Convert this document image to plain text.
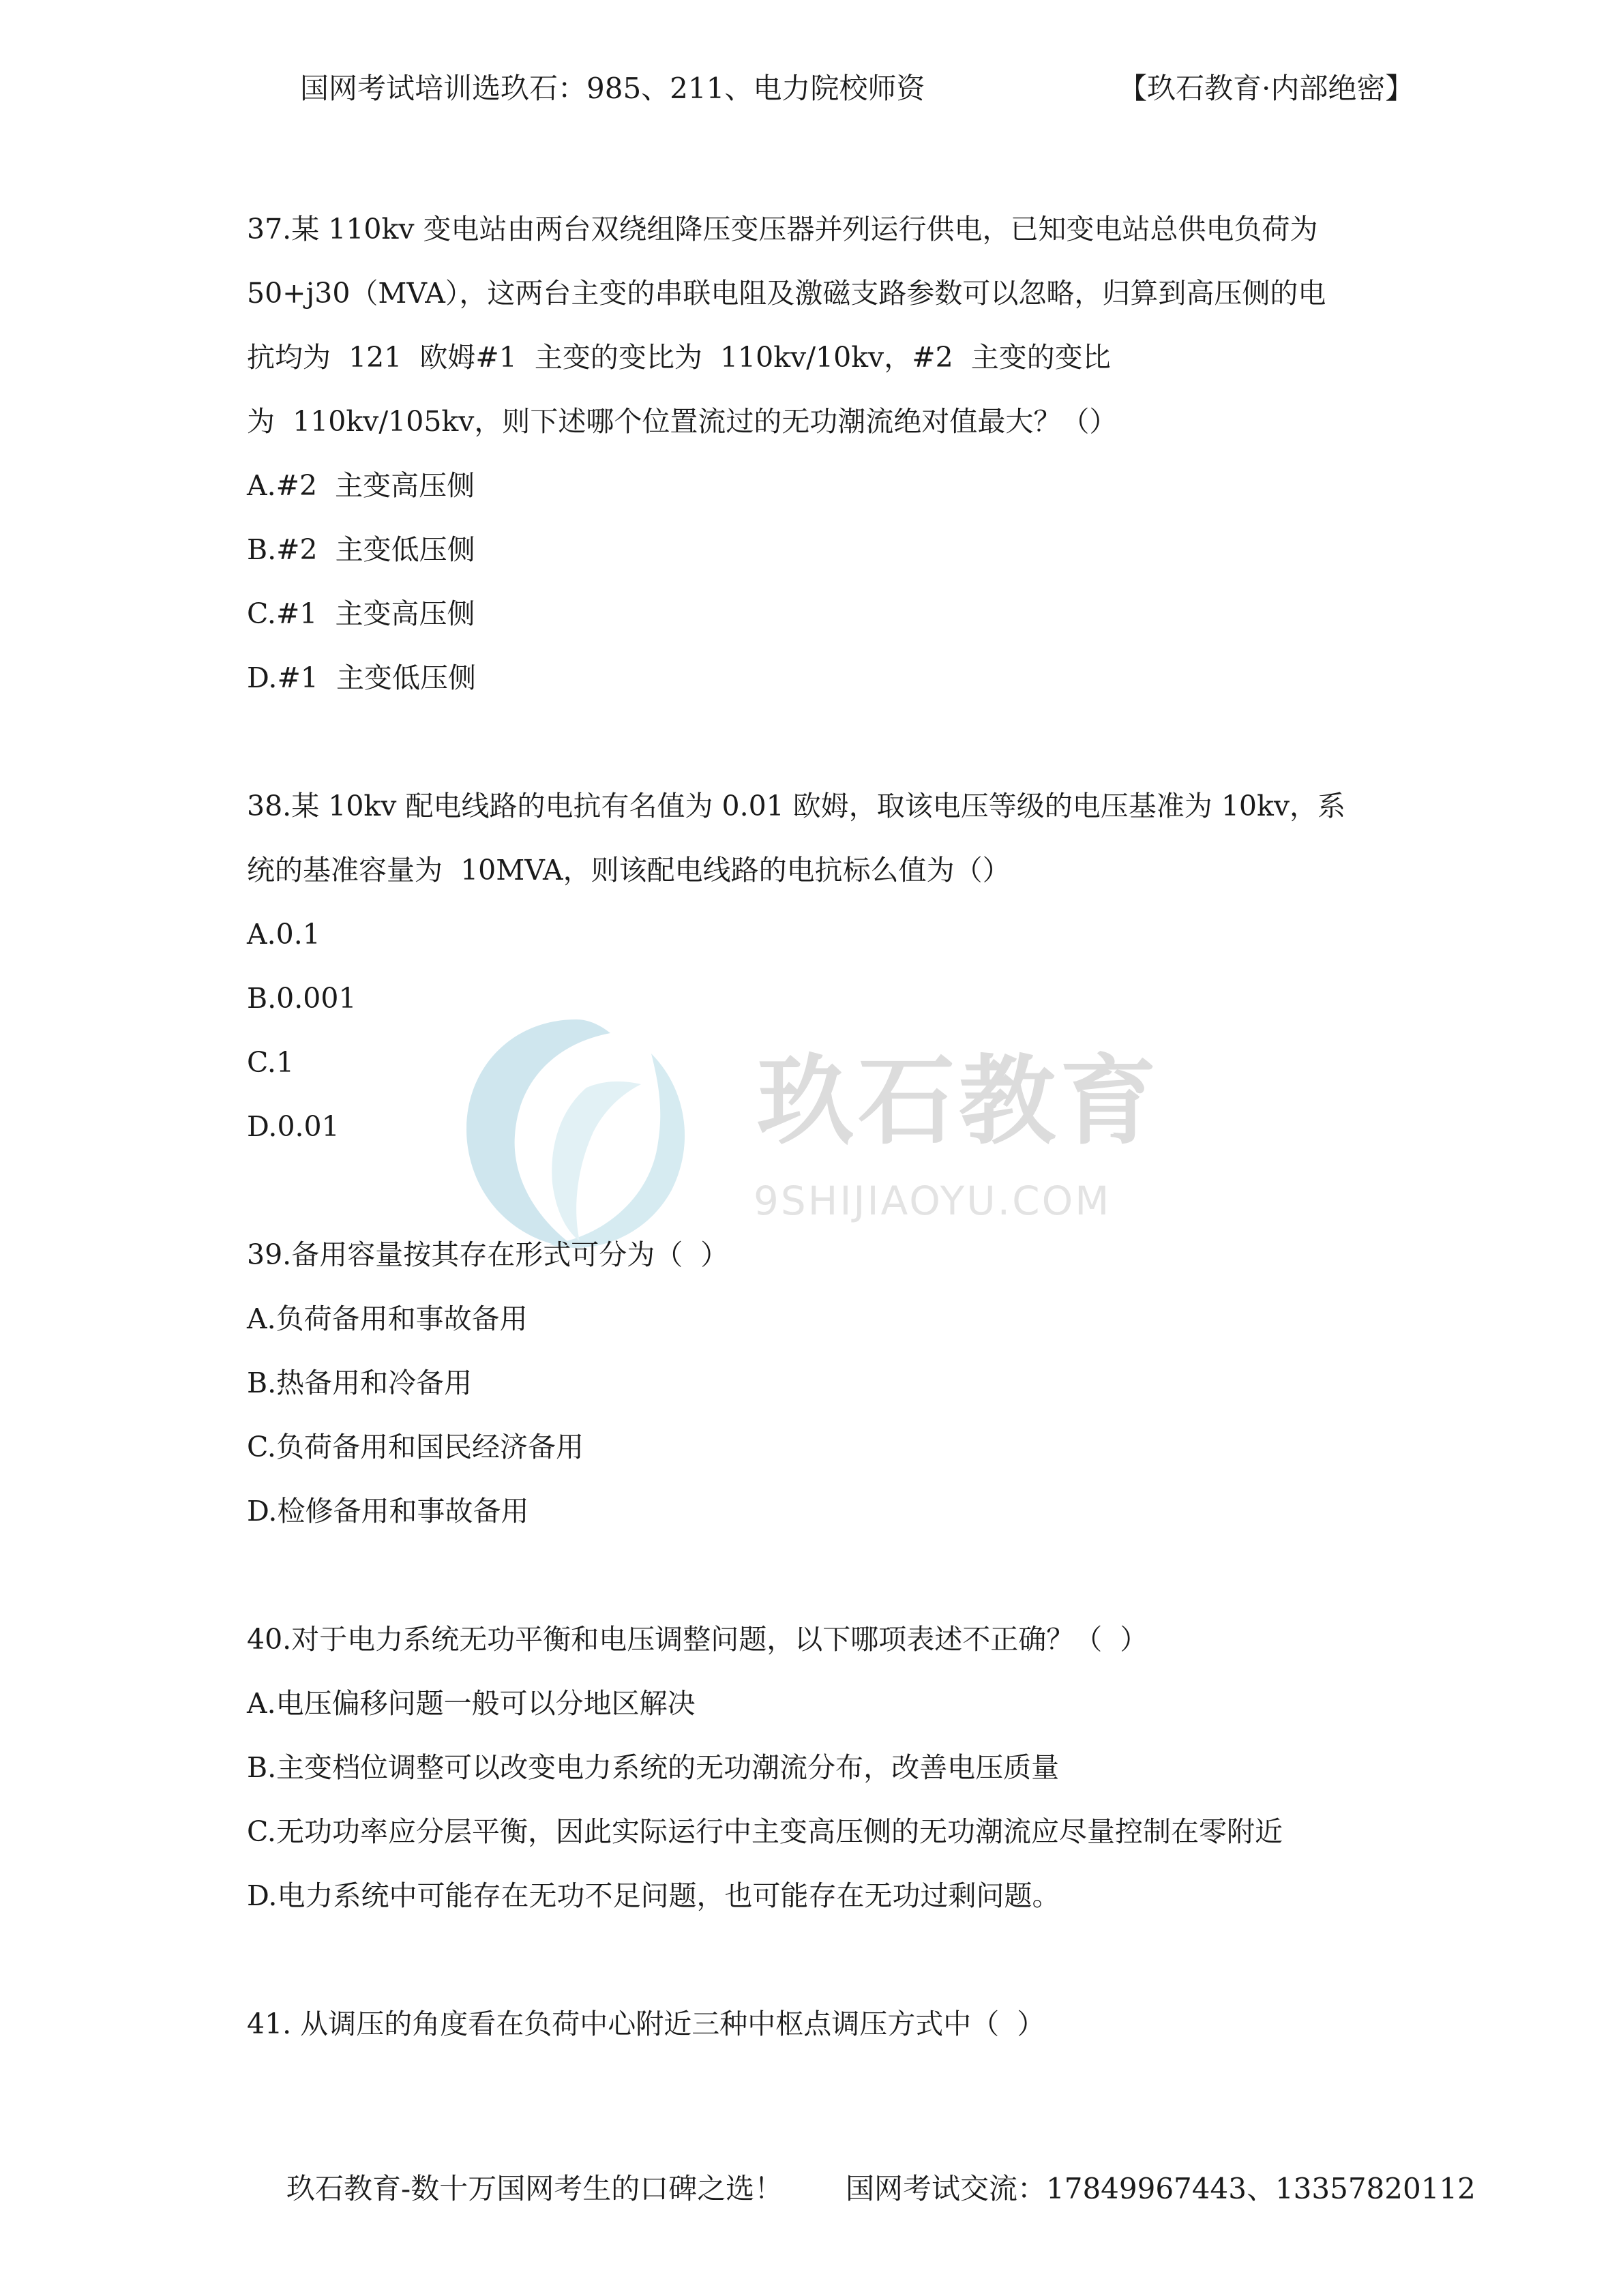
玖石教育
9SHIJIAOYU.COM
国网考试培训选玖石：985、211、电力院校师资	【玖石教育·内部绝密】
37.某 110kv 变电站由两台双绕组降压变压器并列运行供电，已知变电站总供电负荷为
50+j30（MVA），这两台主变的串联电阻及激磁支路参数可以忽略，归算到高压侧的电
抗均为  121  欧姆#1  主变的变比为  110kv/10kv，#2  主变的变比
为  110kv/105kv，则下述哪个位置流过的无功潮流绝对值最大？（）
A.#2  主变高压侧
B.#2  主变低压侧
C.#1  主变高压侧
D.#1  主变低压侧
38.某 10kv 配电线路的电抗有名值为 0.01 欧姆，取该电压等级的电压基准为 10kv，系
统的基准容量为  10MVA，则该配电线路的电抗标么值为（）
A.0.1
B.0.001
C.1
D.0.01
39.备用容量按其存在形式可分为（  ）
A.负荷备用和事故备用
B.热备用和冷备用
C.负荷备用和国民经济备用
D.检修备用和事故备用
40.对于电力系统无功平衡和电压调整问题，以下哪项表述不正确？（  ）
A.电压偏移问题一般可以分地区解决
B.主变档位调整可以改变电力系统的无功潮流分布，改善电压质量
C.无功功率应分层平衡，因此实际运行中主变高压侧的无功潮流应尽量控制在零附近
D.电力系统中可能存在无功不足问题，也可能存在无功过剩问题。
41. 从调压的角度看在负荷中心附近三种中枢点调压方式中（  ）
玖石教育-数十万国网考生的口碑之选！ 国网考试交流：17849967443、13357820112
